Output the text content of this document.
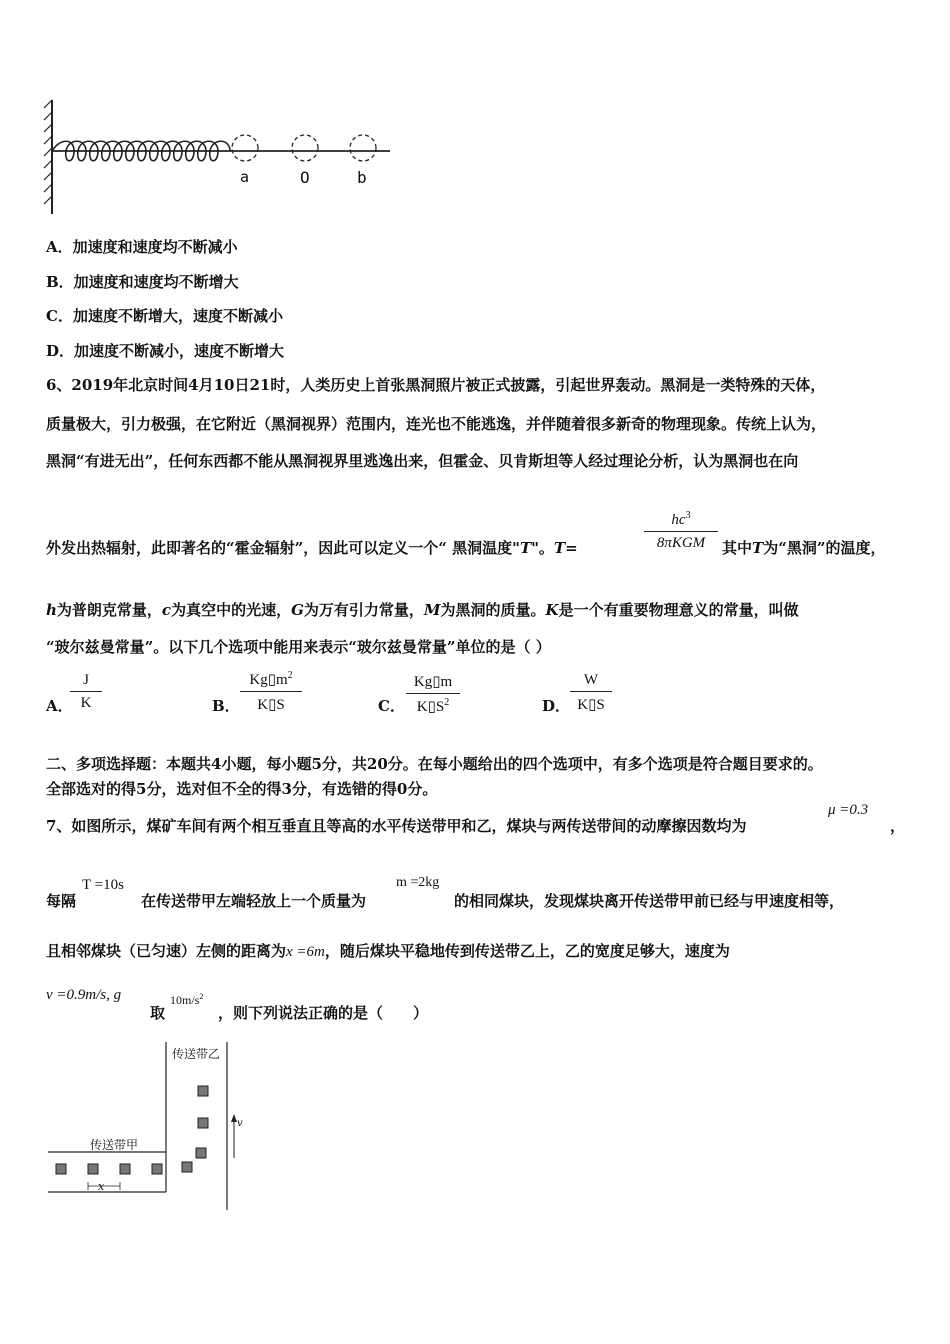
a	O	b
A．加速度和速度均不断减小
B．加速度和速度均不断增大
C．加速度不断增大，速度不断减小
D．加速度不断减小，速度不断增大
6、2019年北京时间4月10日21时，人类历史上首张黑洞照片被正式披露，引起世界轰动。黑洞是一类特殊的天体，
质量极大，引力极强，在它附近（黑洞视界）范围内，连光也不能逃逸，并伴随着很多新奇的物理现象。传统上认为，
黑洞“有进无出”，任何东西都不能从黑洞视界里逃逸出来，但霍金、贝肯斯坦等人经过理论分析，认为黑洞也在向
外发出热辐射，此即著名的“霍金辐射”，因此可以定义一个“ 黑洞温度"T"。T=
$hc^3$
8πKGM	其中T为“黑洞”的温度，
h为普朗克常量，c为真空中的光速，G为万有引力常量，M为黑洞的质量。K是一个有重要物理意义的常量，叫做
“玻尔兹曼常量”。以下几个选项中能用来表示“玻尔兹曼常量”单位的是（ ）
A．
J
K	B．
$Kg▯m^2$
K▯S	C．
Kg▯m
$K▯S^2$	D．
W
K▯S
二、多项选择题：本题共4小题，每小题5分，共20分。在每小题给出的四个选项中，有多个选项是符合题目要求的。
全部选对的得5分，选对但不全的得3分，有选错的得0分。
7、如图所示，煤矿车间有两个相互垂直且等高的水平传送带甲和乙，煤块与两传送带间的动摩擦因数均为
μ =0.3
，
每隔
T =10s
在传送带甲左端轻放上一个质量为
m =2kg
的相同煤块，发现煤块离开传送带甲前已经与甲速度相等，
且相邻煤块（已匀速）左侧的距离为x =6m，随后煤块平稳地传到传送带乙上，乙的宽度足够大，速度为
v =0.9m/s, g
取
$10m/s^2$
，则下列说法正确的是（　　）
传送带乙
传送带甲
v
x
